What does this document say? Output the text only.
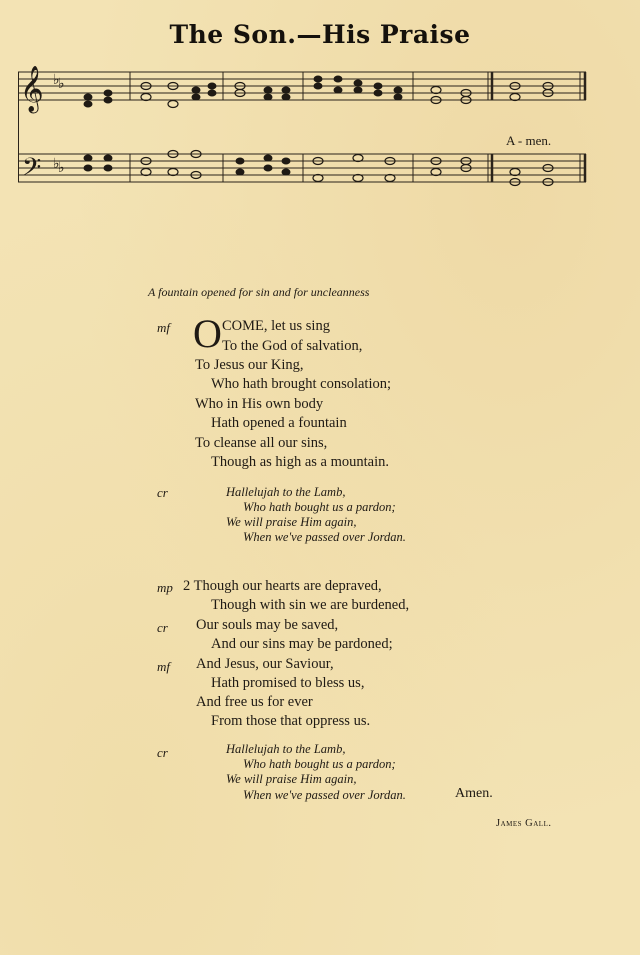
The Son.—His Praise
𝄞
𝄢
♭
♭
♭
♭
A - men.
A fountain opened for sin and for uncleanness
mf O COME, let us sing
To the God of salvation,
To Jesus our King,
Who hath brought consolation;
Who in His own body
Hath opened a fountain
To cleanse all our sins,
Though as high as a mountain.
cr	Hallelujah to the Lamb,
Who hath bought us a pardon;
We will praise Him again,
When we've passed over Jordan.
mp 2 Though our hearts are depraved,
Though with sin we are burdened,
cr Our souls may be saved,
And our sins may be pardoned;
mf And Jesus, our Saviour,
Hath promised to bless us,
And free us for ever
From those that oppress us.
cr	Hallelujah to the Lamb,
Who hath bought us a pardon;
We will praise Him again,
When we've passed over Jordan.	Amen.
James Gall.
